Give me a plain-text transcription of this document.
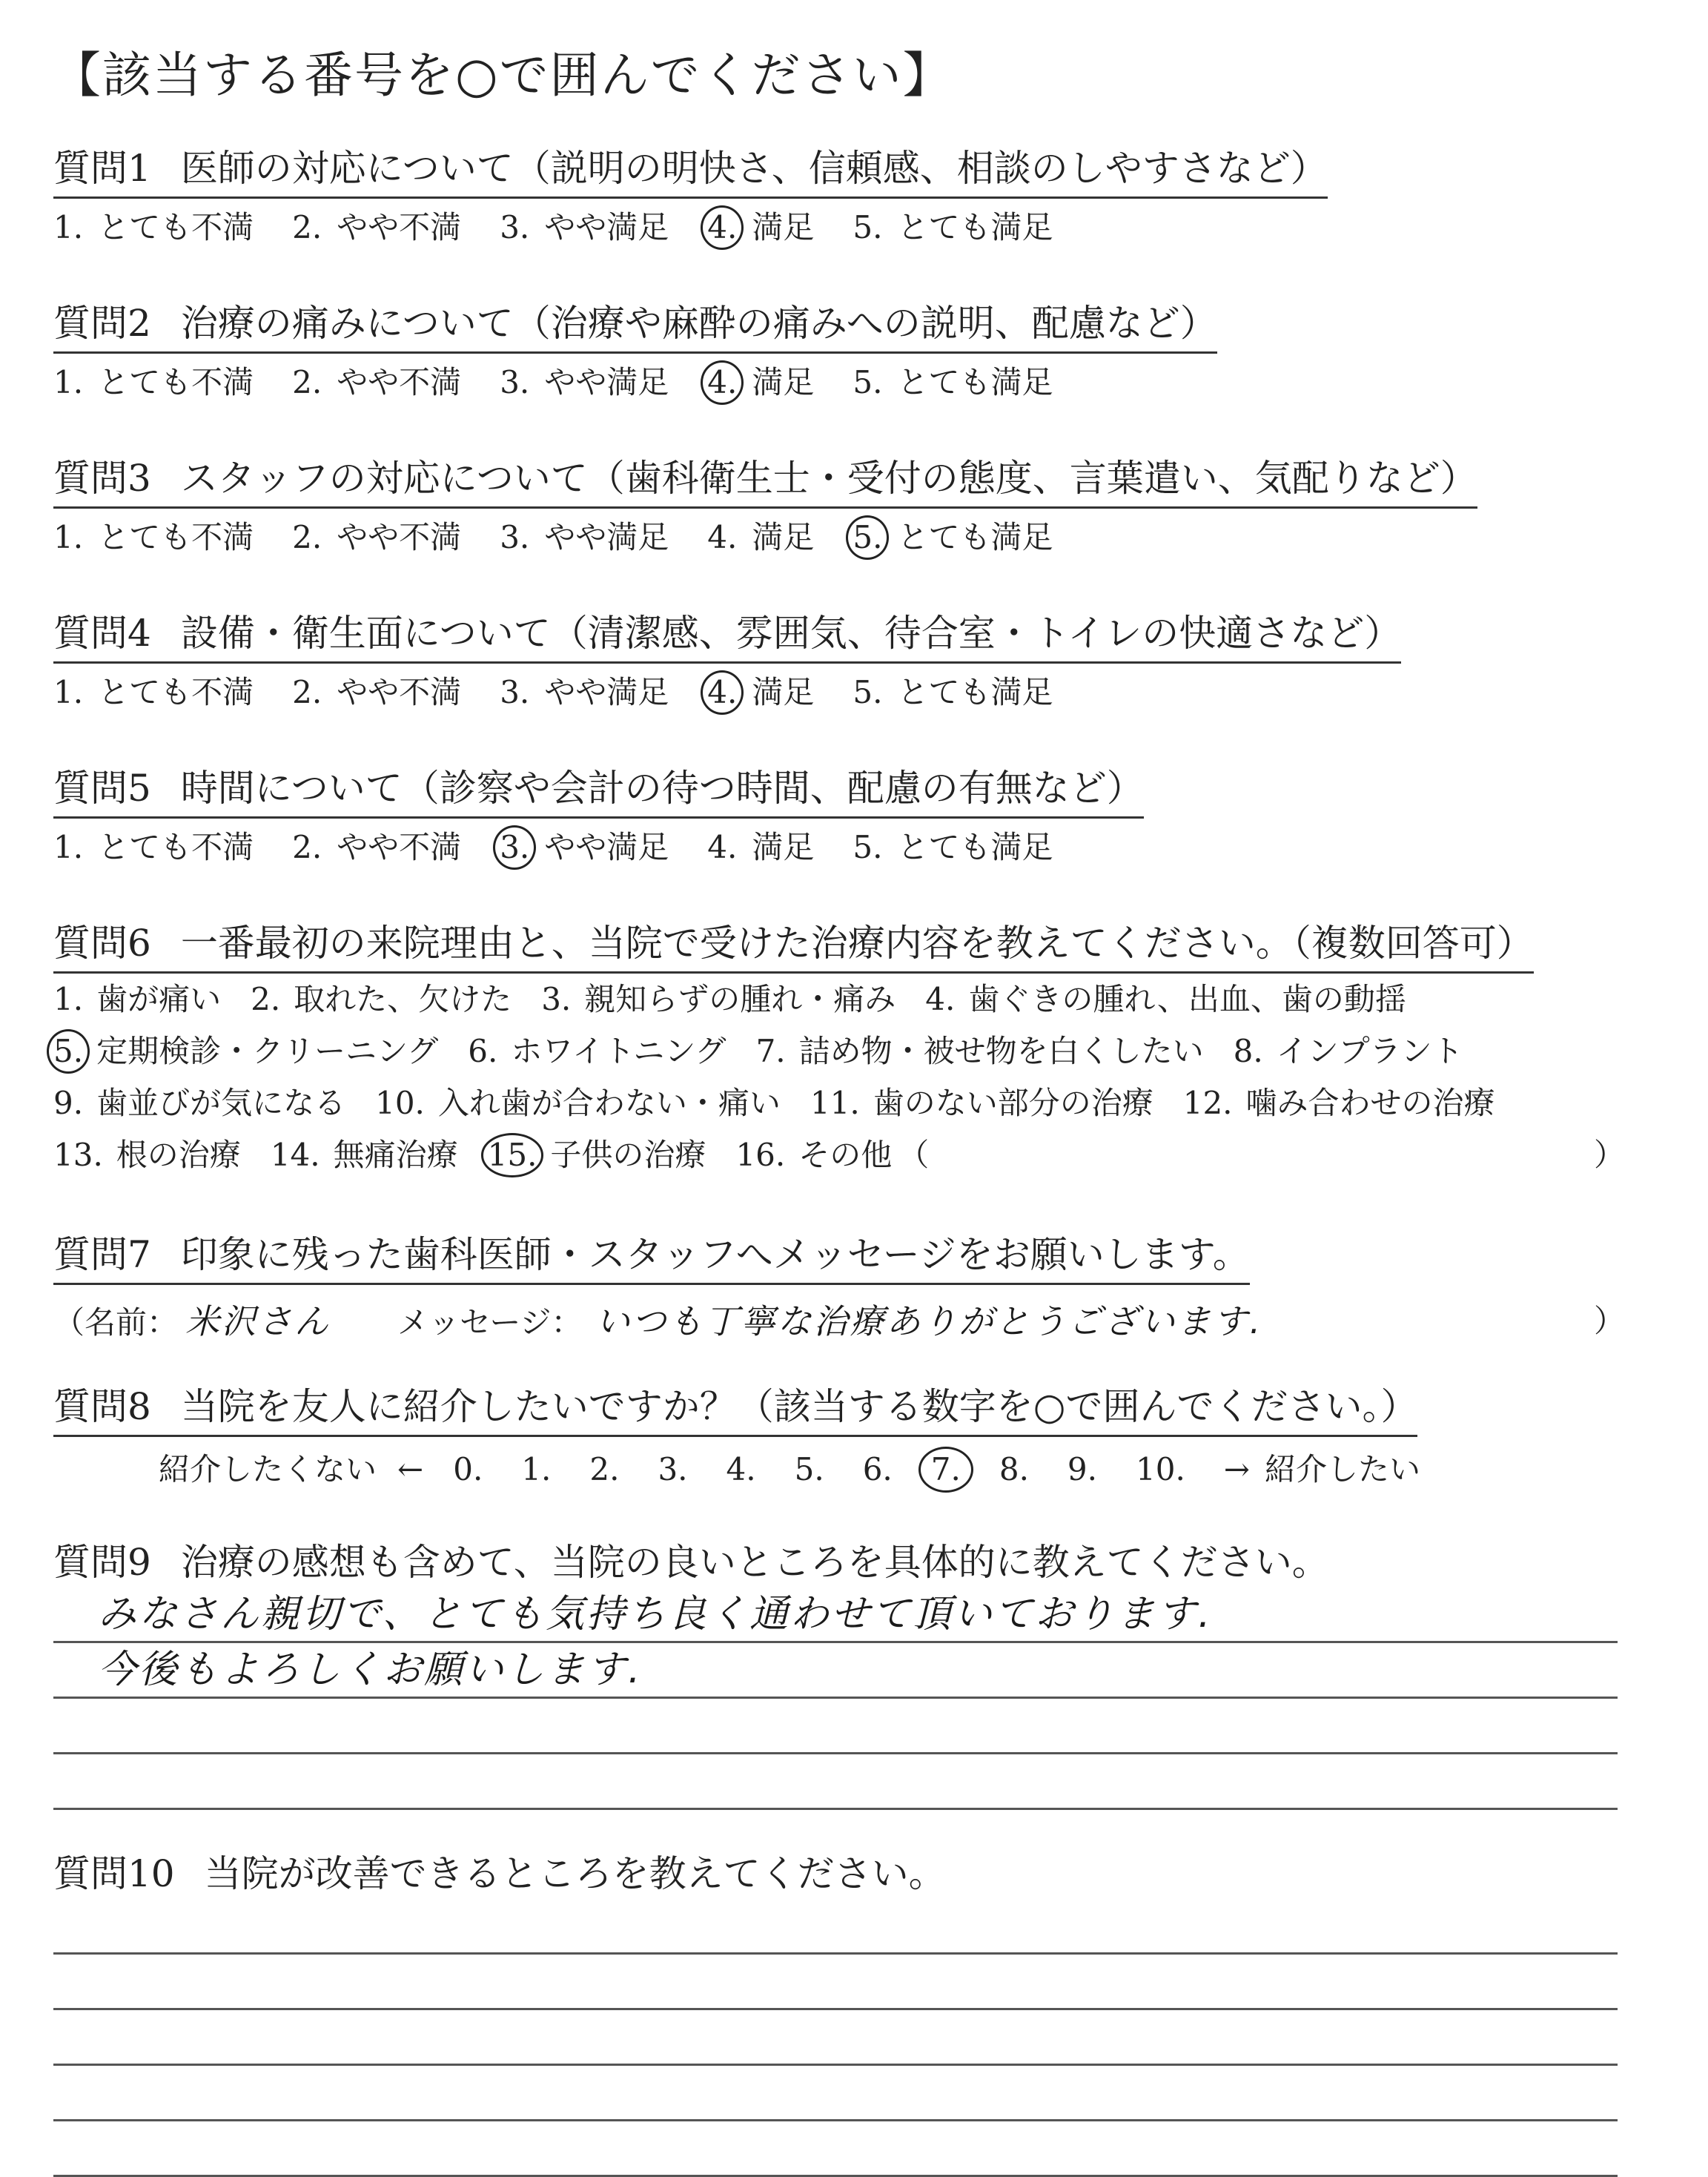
【該当する番号を○で囲んでください】
質問1 医師の対応について（説明の明快さ、信頼感、相談のしやすさなど）
1. とても不満 2. やや不満 3. やや満足 4. 満足 5. とても満足
質問2 治療の痛みについて（治療や麻酔の痛みへの説明、配慮など）
1. とても不満 2. やや不満 3. やや満足 4. 満足 5. とても満足
質問3 スタッフの対応について（歯科衛生士・受付の態度、言葉遣い、気配りなど）
1. とても不満 2. やや不満 3. やや満足 4. 満足 5. とても満足
質問4 設備・衛生面について（清潔感、雰囲気、待合室・トイレの快適さなど）
1. とても不満 2. やや不満 3. やや満足 4. 満足 5. とても満足
質問5 時間について（診察や会計の待つ時間、配慮の有無など）
1. とても不満 2. やや不満 3. やや満足 4. 満足 5. とても満足
質問6 一番最初の来院理由と、当院で受けた治療内容を教えてください。（複数回答可）
1. 歯が痛い 2. 取れた、欠けた 3. 親知らずの腫れ・痛み 4. 歯ぐきの腫れ、出血、歯の動揺
5. 定期検診・クリーニング 6. ホワイトニング 7. 詰め物・被せ物を白くしたい 8. インプラント
9. 歯並びが気になる 10. 入れ歯が合わない・痛い 11. 歯のない部分の治療 12. 噛み合わせの治療
13. 根の治療 14. 無痛治療 15. 子供の治療 16. その他 （	）
質問7 印象に残った歯科医師・スタッフへメッセージをお願いします。
（名前： 米沢さん メッセージ： いつも丁寧な治療ありがとうございます.	）
質問8 当院を友人に紹介したいですか？（該当する数字を○で囲んでください。）
紹介したくない ← 0. 1. 2. 3. 4. 5. 6. 7. 8. 9. 10. → 紹介したい
質問9 治療の感想も含めて、当院の良いところを具体的に教えてください。
みなさん親切で、とても気持ち良く通わせて頂いております.
今後もよろしくお願いします.
質問10 当院が改善できるところを教えてください。
